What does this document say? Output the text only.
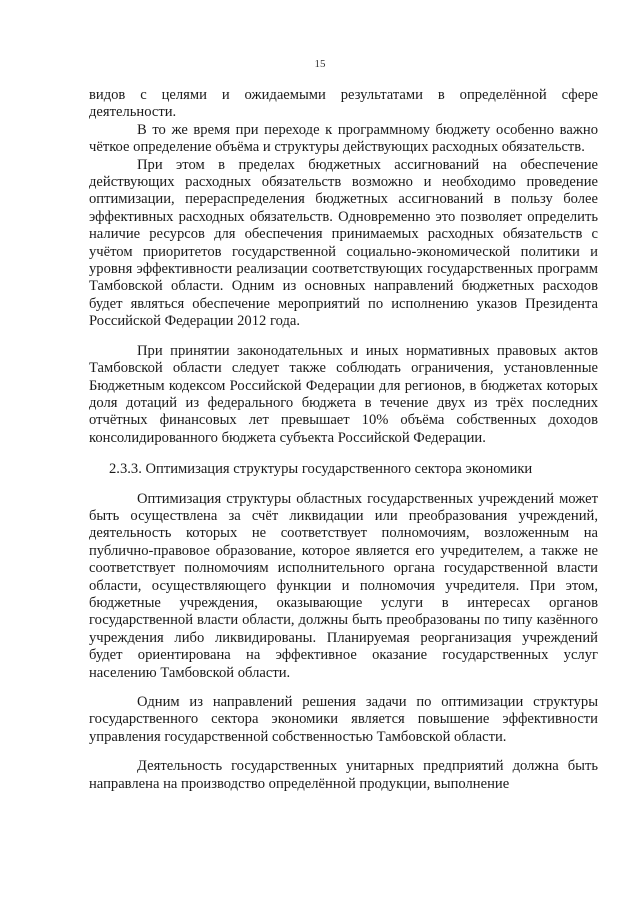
15

видов с целями и ожидаемыми результатами в определённой сфере деятельности.

В то же время при переходе к программному бюджету особенно важно чёткое определение объёма и структуры действующих расходных обязательств.

При этом в пределах бюджетных ассигнований на обеспечение действующих расходных обязательств возможно и необходимо проведение оптимизации, перераспределения бюджетных ассигнований в пользу более эффективных расходных обязательств. Одновременно это позволяет определить наличие ресурсов для обеспечения принимаемых расходных обязательств с учётом приоритетов государственной социально-экономической политики и уровня эффективности реализации соответствующих государственных программ Тамбовской области. Одним из основных направлений бюджетных расходов будет являться обеспечение мероприятий по исполнению указов Президента Российской Федерации 2012 года.

При принятии законодательных и иных нормативных правовых актов Тамбовской области следует также соблюдать ограничения, установленные Бюджетным кодексом Российской Федерации для регионов, в бюджетах которых доля дотаций из федерального бюджета в течение двух из трёх последних отчётных финансовых лет превышает 10% объёма собственных доходов консолидированного бюджета субъекта Российской Федерации.

2.3.3. Оптимизация структуры государственного сектора экономики

Оптимизация структуры областных государственных учреждений может быть осуществлена за счёт ликвидации или преобразования учреждений, деятельность которых не соответствует полномочиям, возложенным на публично-правовое образование, которое является его учредителем, а также не соответствует полномочиям исполнительного органа государственной власти области, осуществляющего функции и полномочия учредителя. При этом, бюджетные учреждения, оказывающие услуги в интересах органов государственной власти области, должны быть преобразованы по типу казённого учреждения либо ликвидированы. Планируемая реорганизация учреждений будет ориентирована на эффективное оказание государственных услуг населению Тамбовской области.

Одним из направлений решения задачи по оптимизации структуры государственного сектора экономики является повышение эффективности управления государственной собственностью Тамбовской области.

Деятельность государственных унитарных предприятий должна быть направлена на производство определённой продукции, выполнение
